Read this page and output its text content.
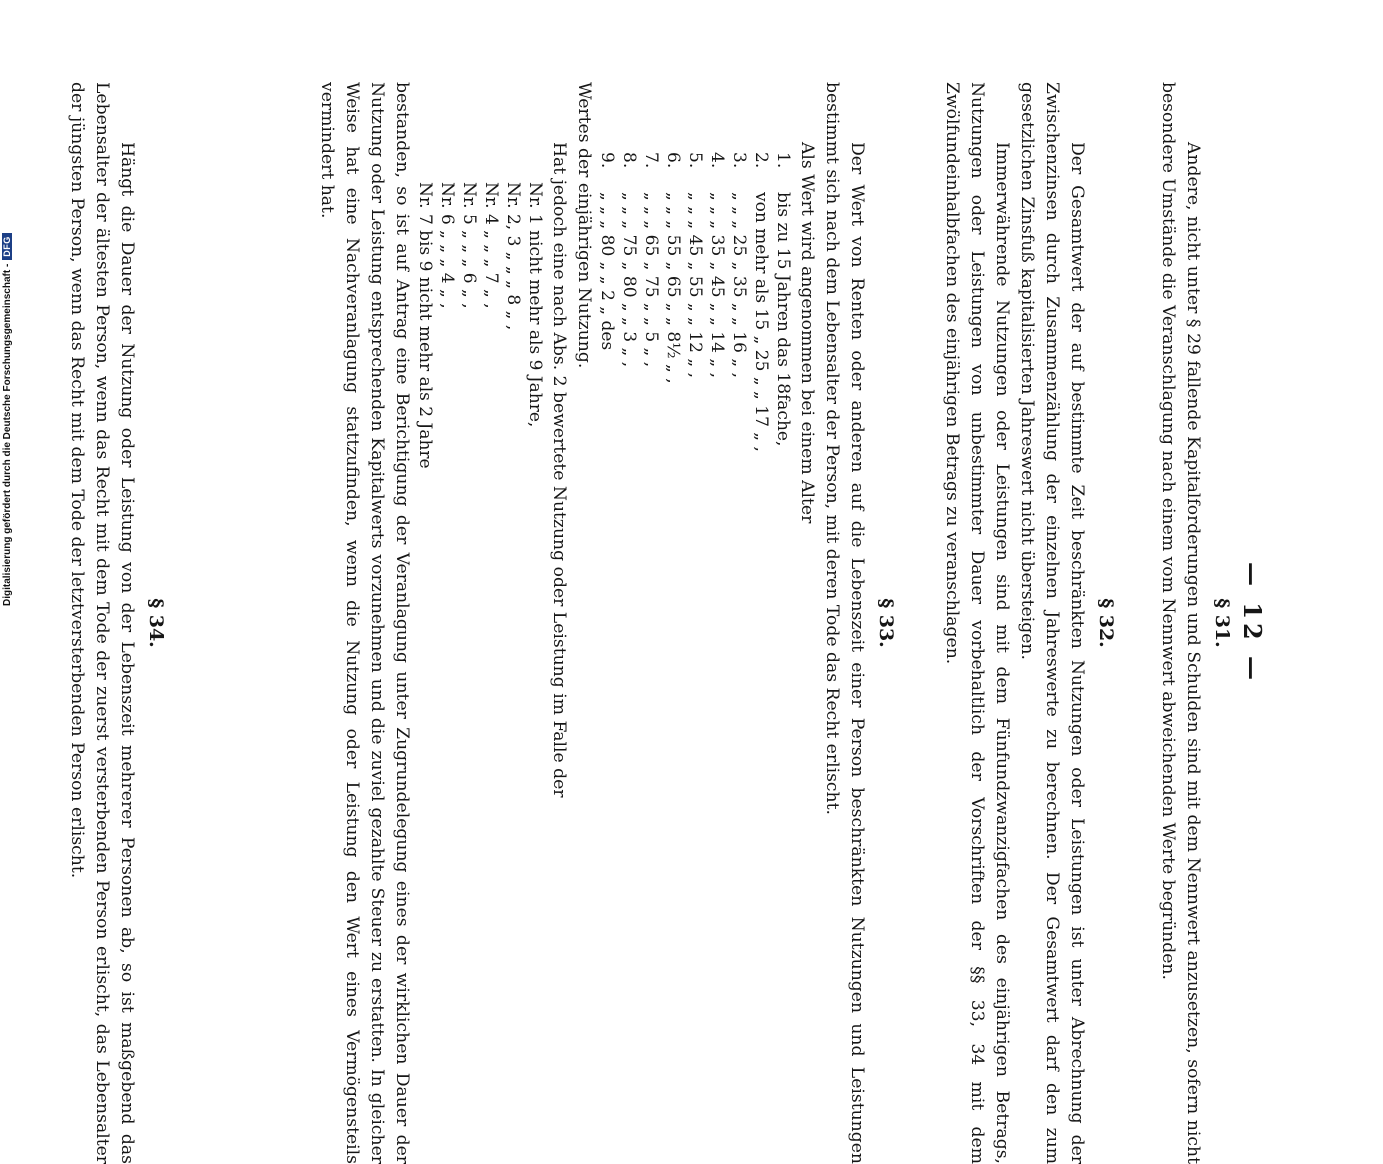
— 12 —
§ 31.

Andere, nicht unter § 29 fallende Kapitalforderungen und Schulden sind mit dem Nennwert anzusetzen, sofern nicht besondere Umstände die Veranschlagung nach einem vom Nennwert abweichenden Werte begründen.

§ 32.

Der Gesamtwert der auf bestimmte Zeit beschränkten Nutzungen oder Leistungen ist unter Abrechnung der Zwischenzinsen durch Zusammenzählung der einzelnen Jahreswerte zu berechnen. Der Gesamtwert darf den zum gesetzlichen Zinsfuß kapitalisierten Jahreswert nicht übersteigen.

Immerwährende Nutzungen oder Leistungen sind mit dem Fünfundzwanzigfachen des einjährigen Betrags, Nutzungen oder Leistungen von unbestimmter Dauer vorbehaltlich der Vorschriften der §§ 33, 34 mit dem Zwölfundeinhalbfachen des einjährigen Betrags zu veranschlagen.

§ 33.

Der Wert von Renten oder anderen auf die Lebenszeit einer Person beschränkten Nutzungen und Leistungen bestimmt sich nach dem Lebensalter der Person, mit deren Tode das Recht erlischt.

Als Wert wird angenommen bei einem Alter

1.	bis zu 15 Jahren das 18fache,
2.	von mehr als 15 „ 25 „ „ 17 „ ,
3.	„ „ „ 25 „ 35 „ „ 16 „ ,
4.	„ „ „ 35 „ 45 „ „ 14 „ ,
5.	„ „ „ 45 „ 55 „ „ 12 „ ,
6.	„ „ „ 55 „ 65 „ „ 8½ „ ,
7.	„ „ „ 65 „ 75 „ „ 5 „ ,
8.	„ „ „ 75 „ 80 „ „ 3 „ ,
9.	„ „ „ 80 „ „ 2 „ des

Wertes der einjährigen Nutzung.

Hat jedoch eine nach Abs. 2 bewertete Nutzung oder Leistung im Falle der

Nr. 1 nicht mehr als 9 Jahre,
Nr. 2, 3 „ „ „ 8 „ ,
Nr. 4 „ „ „ 7 „ ,
Nr. 5 „ „ „ 6 „ ,
Nr. 6 „ „ „ 4 „ ,
Nr. 7 bis 9 nicht mehr als 2 Jahre

bestanden, so ist auf Antrag eine Berichtigung der Veranlagung unter Zugrundelegung eines der wirklichen Dauer der Nutzung oder Leistung entsprechenden Kapitalwerts vorzunehmen und die zuviel gezahlte Steuer zu erstatten. In gleicher Weise hat eine Nachveranlagung stattzufinden, wenn die Nutzung oder Leistung den Wert eines Vermögensteils vermindert hat.

§ 34.

Hängt die Dauer der Nutzung oder Leistung von der Lebenszeit mehrerer Personen ab, so ist maßgebend das Lebensalter der ältesten Person, wenn das Recht mit dem Tode der zuerst versterbenden Person erlischt, das Lebensalter der jüngsten Person, wenn das Recht mit dem Tode der letztversterbenden Person erlischt.

Digitalisierung gefördert durch die Deutsche Forschungsgemeinschaft -DFG
